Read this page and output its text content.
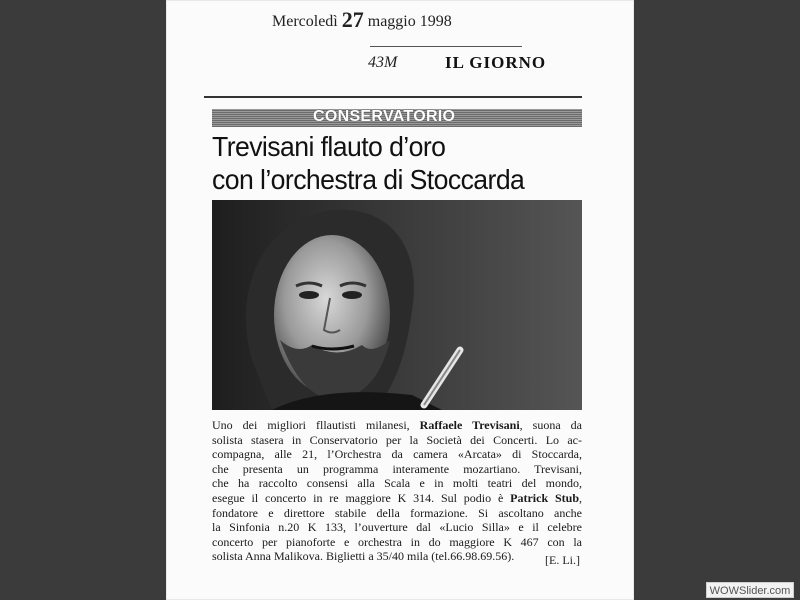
Mercoledì 27 maggio 1998
43M	IL GIORNO
CONSERVATORIO
Trevisani flauto d’oro
con l’orchestra di Stoccarda
Uno dei migliori fllautisti milanesi, Raffaele Trevisani, suona da
solista stasera in Conservatorio per la Società dei Concerti. Lo ac-
compagna, alle 21, l’Orchestra da camera «Arcata» di Stoccarda,
che presenta un programma interamente mozartiano. Trevisani,
che ha raccolto consensi alla Scala e in molti teatri del mondo,
esegue il concerto in re maggiore K 314. Sul podio è Patrick Stub,
fondatore e direttore stabile della formazione. Si ascoltano anche
la Sinfonia n.20 K 133, l’ouverture dal «Lucio Silla» e il celebre
concerto per pianoforte e orchestra in do maggiore K 467 con la
solista Anna Malikova. Biglietti a 35/40 mila (tel.66.98.69.56).	[E. Li.]
WOWSlider.com
